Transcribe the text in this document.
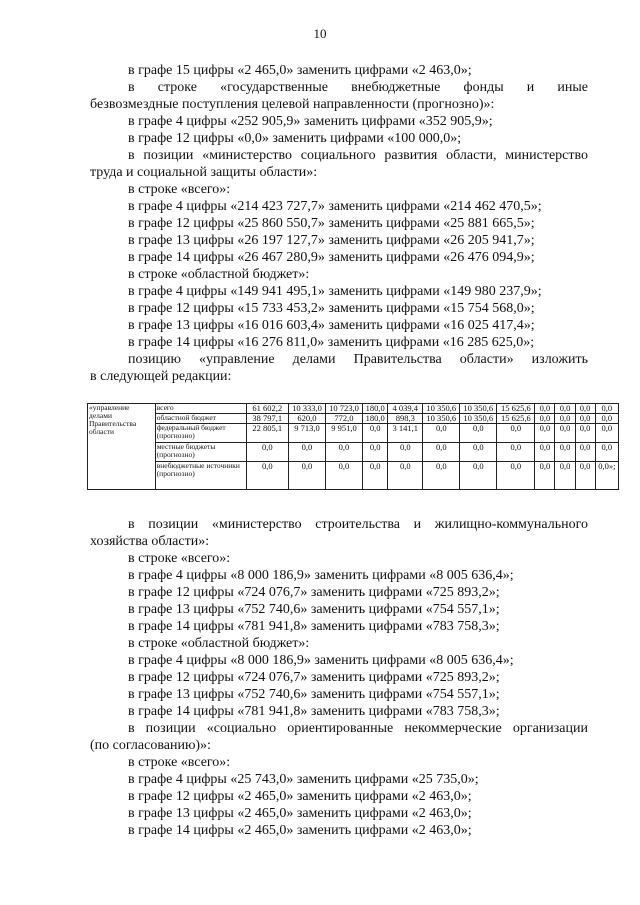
10
в графе 15 цифры «2 465,0» заменить цифрами «2 463,0»;
в строке «государственные внебюджетные фонды и иные
безвозмездные поступления целевой направленности (прогнозно)»:
в графе 4 цифры «252 905,9» заменить цифрами «352 905,9»;
в графе 12 цифры «0,0» заменить цифрами «100 000,0»;
в позиции «министерство социального развития области, министерство
труда и социальной защиты области»:
в строке «всего»:
в графе 4 цифры «214 423 727,7» заменить цифрами «214 462 470,5»;
в графе 12 цифры «25 860 550,7» заменить цифрами «25 881 665,5»;
в графе 13 цифры «26 197 127,7» заменить цифрами «26 205 941,7»;
в графе 14 цифры «26 467 280,9» заменить цифрами «26 476 094,9»;
в строке «областной бюджет»:
в графе 4 цифры «149 941 495,1» заменить цифрами «149 980 237,9»;
в графе 12 цифры «15 733 453,2» заменить цифрами «15 754 568,0»;
в графе 13 цифры «16 016 603,4» заменить цифрами «16 025 417,4»;
в графе 14 цифры «16 276 811,0» заменить цифрами «16 285 625,0»;
позицию «управление делами Правительства области» изложить
в следующей редакции:
«управление делами Правительства области	всего	61 602,2	10 333,0	10 723,0	180,0	4 039,4	10 350,6	10 350,6	15 625,6	0,0	0,0	0,0	0,0
	областной бюджет	38 797,1	620,0	772,0	180,0	898,3	10 350,6	10 350,6	15 625,6	0,0	0,0	0,0	0,0
	федеральный бюджет (прогнозно)	22 805,1	9 713,0	9 951,0	0,0	3 141,1	0,0	0,0	0,0	0,0	0,0	0,0	0,0
	местные бюджеты (прогнозно)	0,0	0,0	0,0	0,0	0,0	0,0	0,0	0,0	0,0	0,0	0,0	0,0
	внебюджетные источники (прогнозно)	0,0	0,0	0,0	0,0	0,0	0,0	0,0	0,0	0,0	0,0	0,0	0,0»;
в позиции «министерство строительства и жилищно-коммунального
хозяйства области»:
в строке «всего»:
в графе 4 цифры «8 000 186,9» заменить цифрами «8 005 636,4»;
в графе 12 цифры «724 076,7» заменить цифрами «725 893,2»;
в графе 13 цифры «752 740,6» заменить цифрами «754 557,1»;
в графе 14 цифры «781 941,8» заменить цифрами «783 758,3»;
в строке «областной бюджет»:
в графе 4 цифры «8 000 186,9» заменить цифрами «8 005 636,4»;
в графе 12 цифры «724 076,7» заменить цифрами «725 893,2»;
в графе 13 цифры «752 740,6» заменить цифрами «754 557,1»;
в графе 14 цифры «781 941,8» заменить цифрами «783 758,3»;
в позиции «социально ориентированные некоммерческие организации
(по согласованию)»:
в строке «всего»:
в графе 4 цифры «25 743,0» заменить цифрами «25 735,0»;
в графе 12 цифры «2 465,0» заменить цифрами «2 463,0»;
в графе 13 цифры «2 465,0» заменить цифрами «2 463,0»;
в графе 14 цифры «2 465,0» заменить цифрами «2 463,0»;
